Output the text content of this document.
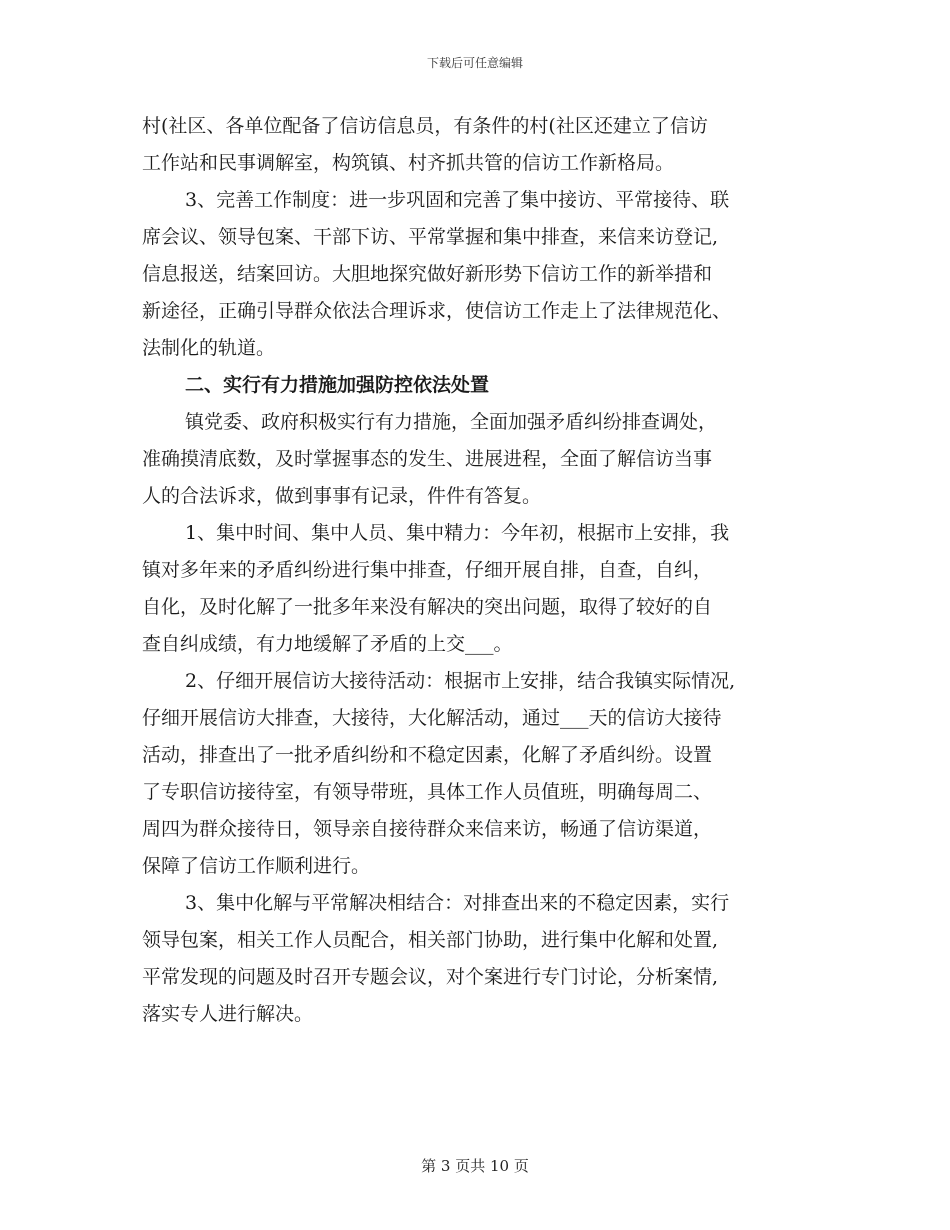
下载后可任意编辑
村(社区、各单位配备了信访信息员，有条件的村(社区还建立了信访
工作站和民事调解室，构筑镇、村齐抓共管的信访工作新格局。
3、完善工作制度：进一步巩固和完善了集中接访、平常接待、联
席会议、领导包案、干部下访、平常掌握和集中排查，来信来访登记,
信息报送，结案回访。大胆地探究做好新形势下信访工作的新举措和
新途径，正确引导群众依法合理诉求，使信访工作走上了法律规范化、
法制化的轨道。
二、实行有力措施加强防控依法处置
镇党委、政府积极实行有力措施，全面加强矛盾纠纷排查调处，
准确摸清底数，及时掌握事态的发生、进展进程，全面了解信访当事
人的合法诉求，做到事事有记录，件件有答复。
1、集中时间、集中人员、集中精力：今年初，根据市上安排，我
镇对多年来的矛盾纠纷进行集中排查，仔细开展自排，自查，自纠，
自化，及时化解了一批多年来没有解决的突出问题，取得了较好的自
查自纠成绩，有力地缓解了矛盾的上交___。
2、仔细开展信访大接待活动：根据市上安排，结合我镇实际情况,
仔细开展信访大排查，大接待，大化解活动，通过___天的信访大接待
活动，排查出了一批矛盾纠纷和不稳定因素，化解了矛盾纠纷。设置
了专职信访接待室，有领导带班，具体工作人员值班，明确每周二、
周四为群众接待日，领导亲自接待群众来信来访，畅通了信访渠道，
保障了信访工作顺利进行。
3、集中化解与平常解决相结合：对排查出来的不稳定因素，实行
领导包案，相关工作人员配合，相关部门协助，进行集中化解和处置,
平常发现的问题及时召开专题会议，对个案进行专门讨论，分析案情,
落实专人进行解决。
第 3 页共 10 页
